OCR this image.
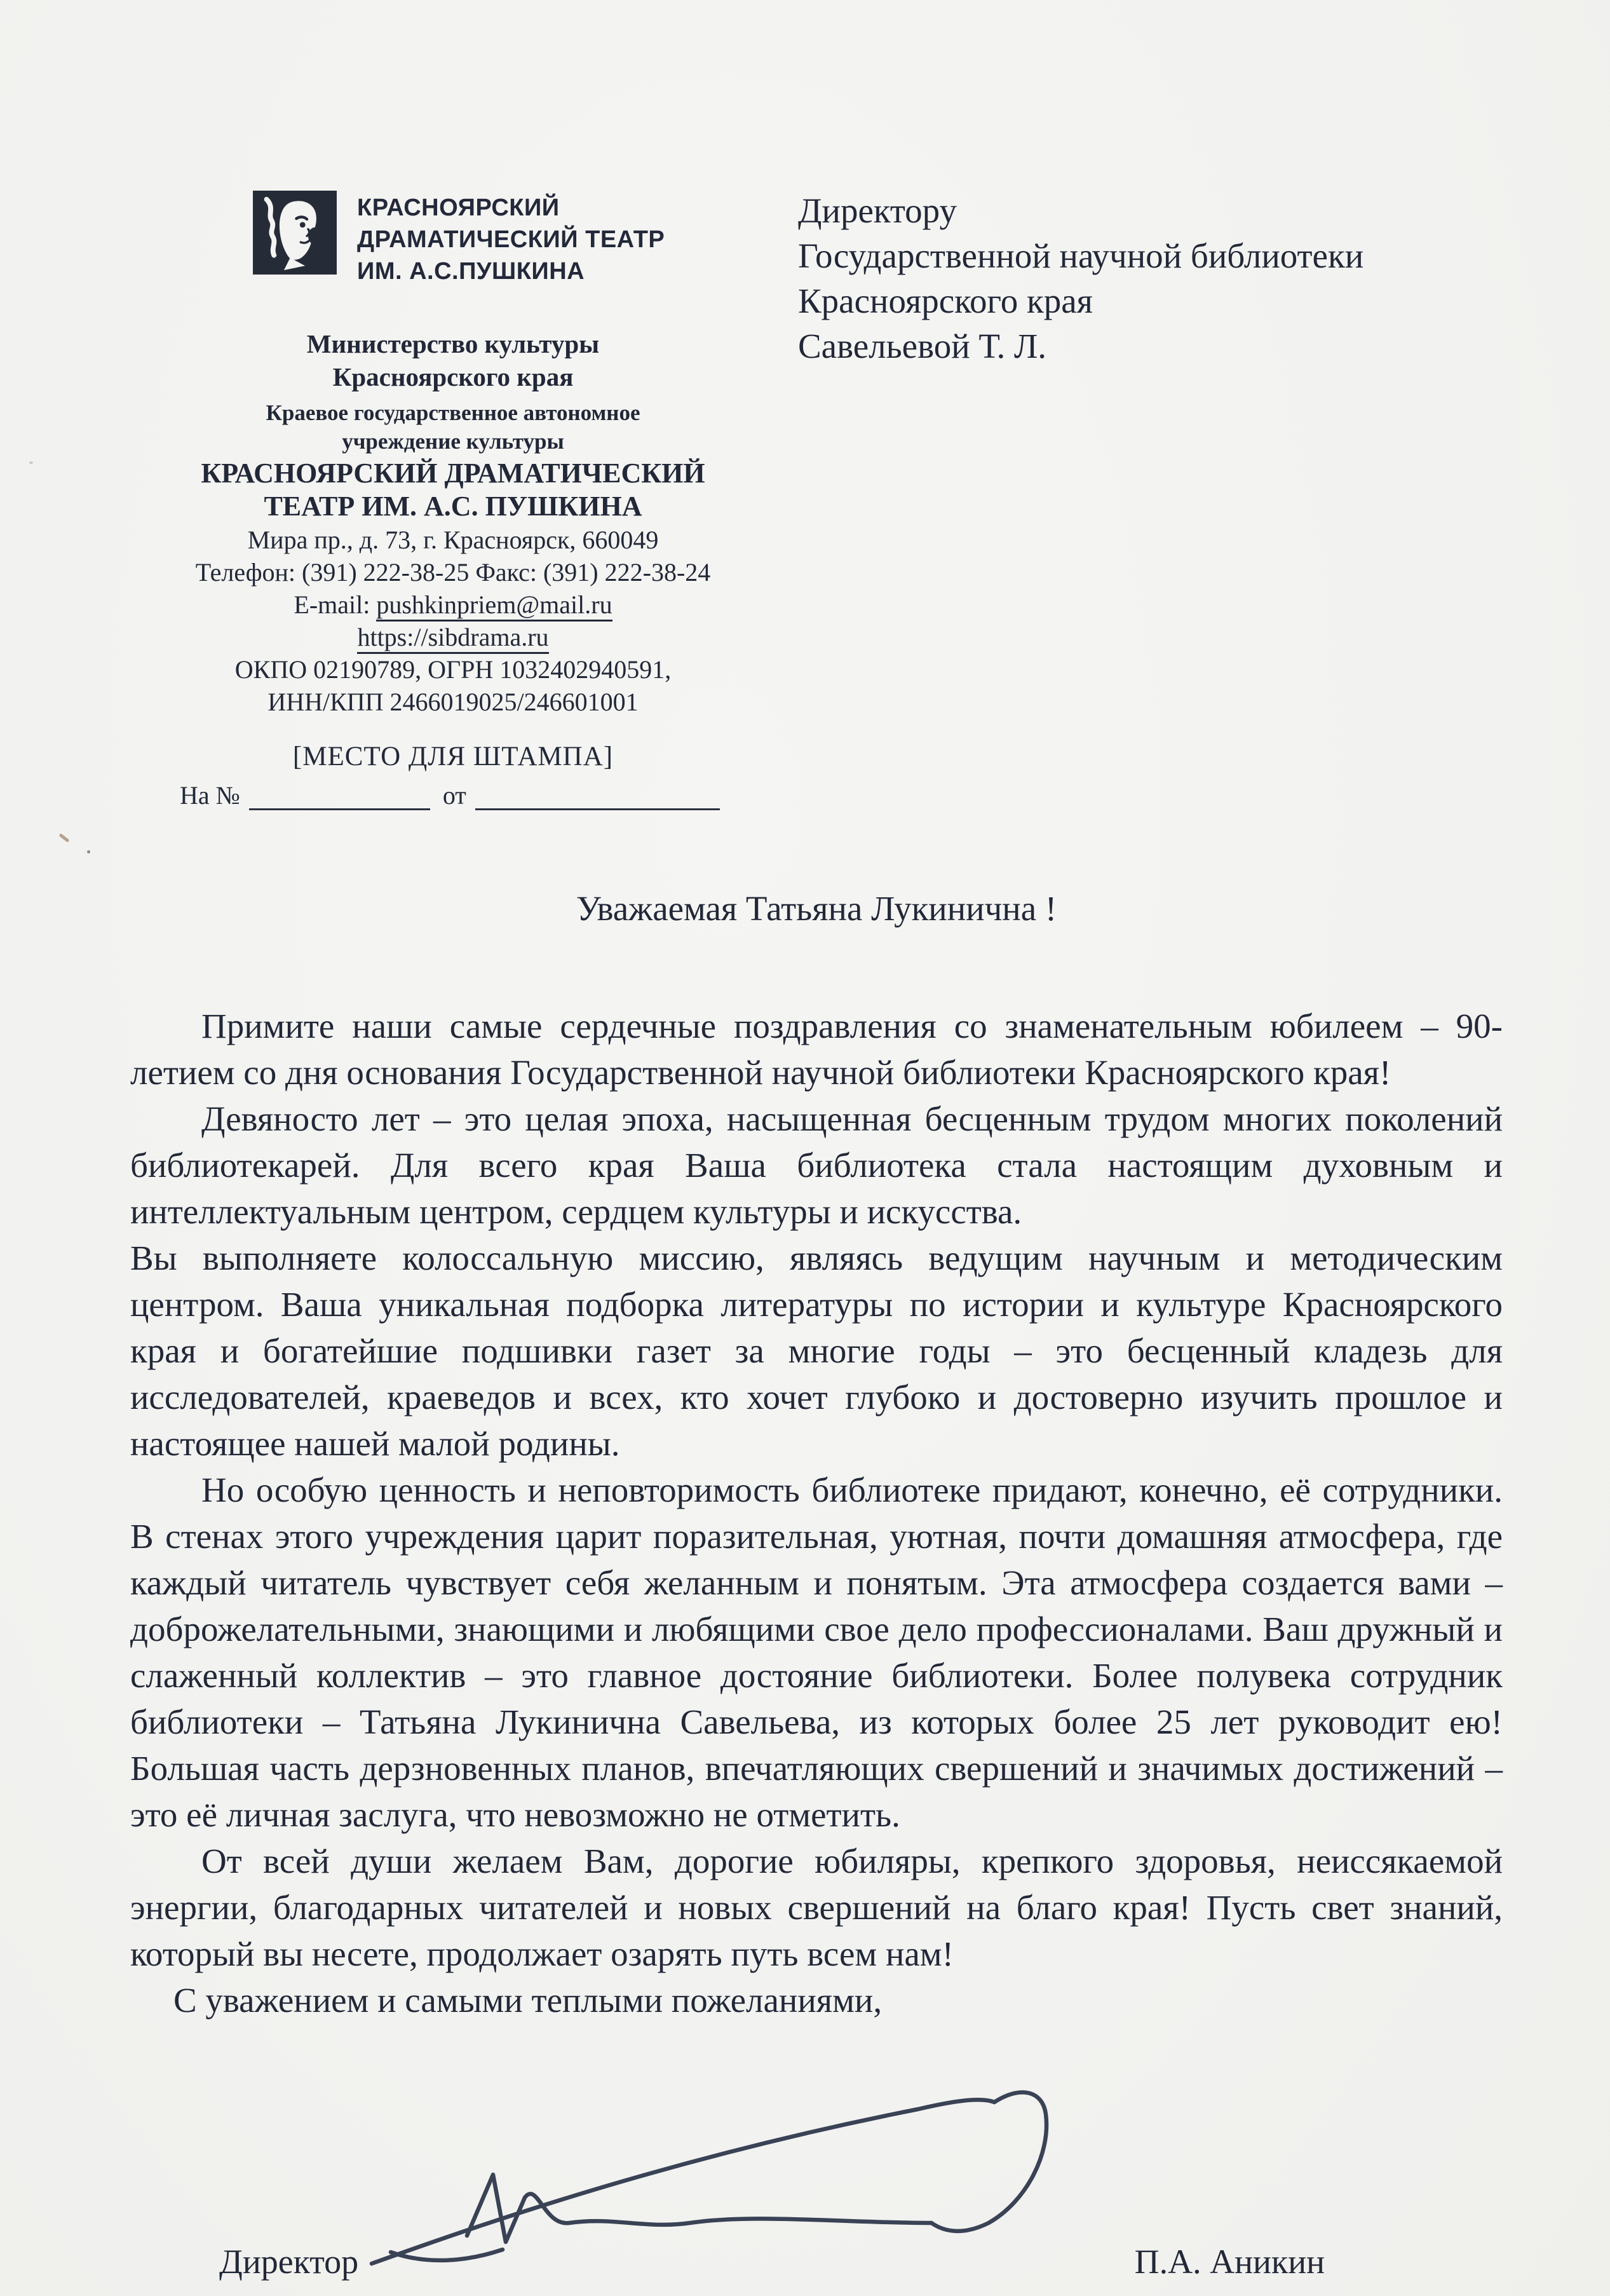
КРАСНОЯРСКИЙ
ДРАМАТИЧЕСКИЙ ТЕАТР
ИМ. А.С.ПУШКИНА
Министерство культуры
Красноярского края
Краевое государственное автономное
учреждение культуры
КРАСНОЯРСКИЙ ДРАМАТИЧЕСКИЙ
ТЕАТР ИМ. А.С. ПУШКИНА
Мира пр., д. 73, г. Красноярск, 660049
Телефон: (391) 222-38-25 Факс: (391) 222-38-24
E-mail: pushkinpriem@mail.ru
https://sibdrama.ru
ОКПО 02190789, ОГРН 1032402940591,
ИНН/КПП 2466019025/246601001
[МЕСТО ДЛЯ ШТАМПА]
На №	от
Директору
Государственной научной библиотеки
Красноярского края
Савельевой Т. Л.
Уважаемая Татьяна Лукинична !

Примите наши самые сердечные поздравления со знаменательным юбилеем – 90-летием со дня основания Государственной научной библиотеки Красноярского края!

Девяносто лет – это целая эпоха, насыщенная бесценным трудом многих поколений библиотекарей. Для всего края Ваша библиотека стала настоящим духовным и интеллектуальным центром, сердцем культуры и искусства.

Вы выполняете колоссальную миссию, являясь ведущим научным и методическим центром. Ваша уникальная подборка литературы по истории и культуре Красноярского края и богатейшие подшивки газет за многие годы – это бесценный кладезь для исследователей, краеведов и всех, кто хочет глубоко и достоверно изучить прошлое и настоящее нашей малой родины.

Но особую ценность и неповторимость библиотеке придают, конечно, её сотрудники. В стенах этого учреждения царит поразительная, уютная, почти домашняя атмосфера, где каждый читатель чувствует себя желанным и понятым. Эта атмосфера создается вами – доброжелательными, знающими и любящими свое дело профессионалами. Ваш дружный и слаженный коллектив – это главное достояние библиотеки. Более полувека сотрудник библиотеки – Татьяна Лукинична Савельева, из которых более 25 лет руководит ею! Большая часть дерзновенных планов, впечатляющих свершений и значимых достижений – это её личная заслуга, что невозможно не отметить.

От всей души желаем Вам, дорогие юбиляры, крепкого здоровья, неиссякаемой энергии, благодарных читателей и новых свершений на благо края! Пусть свет знаний, который вы несете, продолжает озарять путь всем нам!

С уважением и самыми теплыми пожеланиями,

Директор	П.А. Аникин
